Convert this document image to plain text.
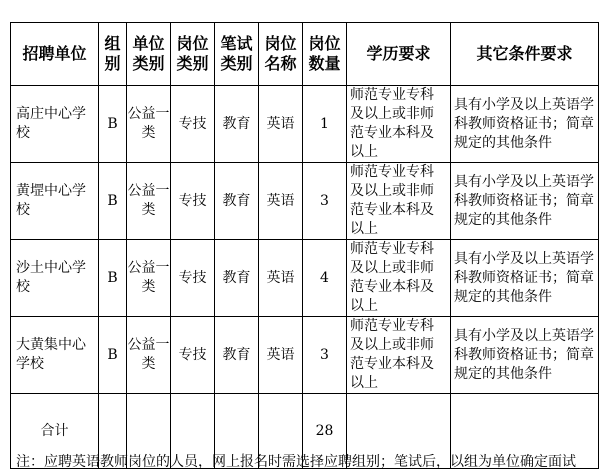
招聘单位	组别	单位类别	岗位类别	笔试类别	岗位名称	岗位数量	学历要求	其它条件要求
高庄中心学校	B	公益一类	专技	教育	英语	1	师范专业专科及以上或非师范专业本科及以上	具有小学及以上英语学科教师资格证书；简章规定的其他条件
黄堽中心学校	B	公益一类	专技	教育	英语	3	师范专业专科及以上或非师范专业本科及以上	具有小学及以上英语学科教师资格证书；简章规定的其他条件
沙土中心学校	B	公益一类	专技	教育	英语	4	师范专业专科及以上或非师范专业本科及以上	具有小学及以上英语学科教师资格证书；简章规定的其他条件
大黄集中心学校	B	公益一类	专技	教育	英语	3	师范专业专科及以上或非师范专业本科及以上	具有小学及以上英语学科教师资格证书；简章规定的其他条件
合计						28		
注：应聘英语教师岗位的人员，网上报名时需选择应聘组别；笔试后，以组为单位确定面试
